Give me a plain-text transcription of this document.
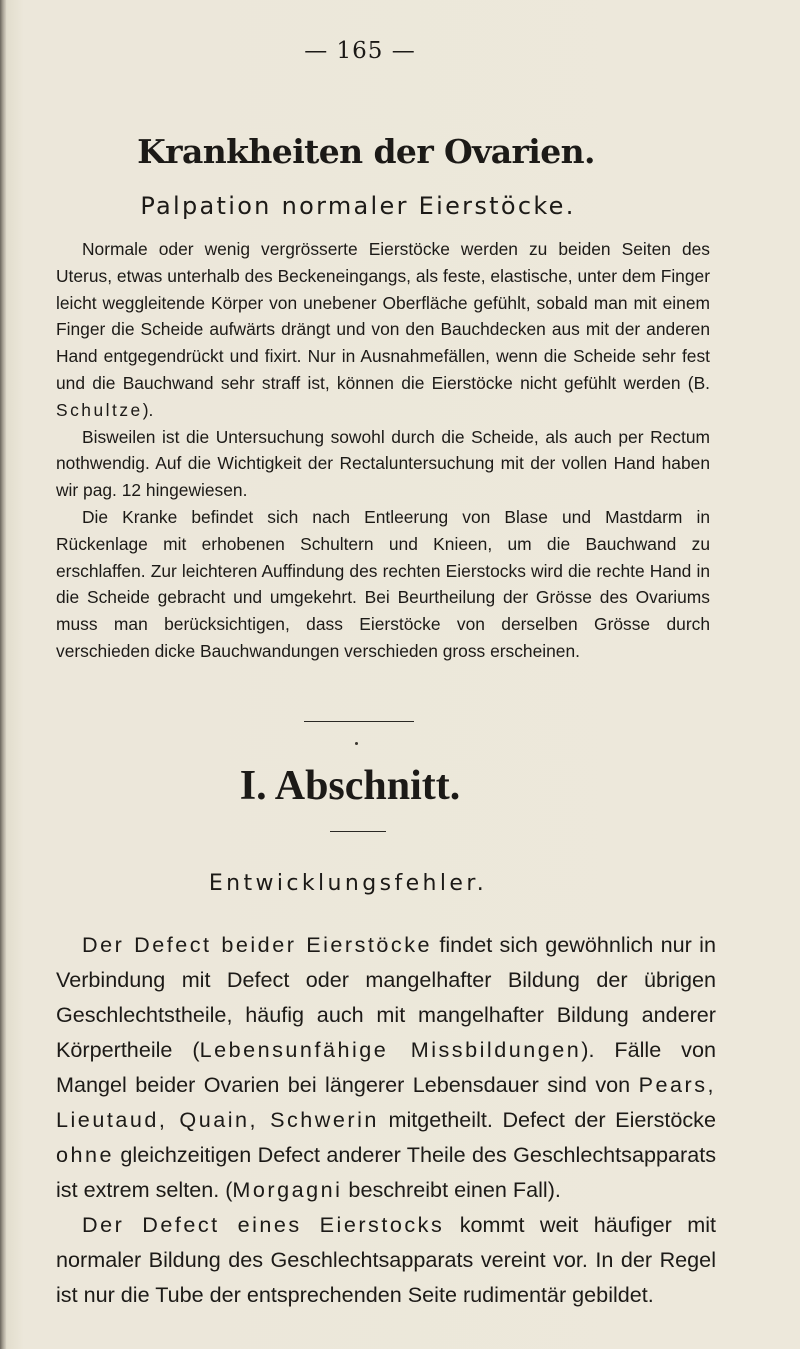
— 165 —
Krankheiten der Ovarien.
Palpation normaler Eierstöcke.

Normale oder wenig vergrösserte Eierstöcke werden zu beiden Seiten des Uterus, etwas unterhalb des Beckeneingangs, als feste, elastische, unter dem Finger leicht weggleitende Körper von unebener Oberfläche gefühlt, sobald man mit einem Finger die Scheide aufwärts drängt und von den Bauchdecken aus mit der anderen Hand entgegendrückt und fixirt. Nur in Ausnahmefällen, wenn die Scheide sehr fest und die Bauchwand sehr straff ist, können die Eierstöcke nicht gefühlt werden (B. Schultze).

Bisweilen ist die Untersuchung sowohl durch die Scheide, als auch per Rectum nothwendig. Auf die Wichtigkeit der Rectaluntersuchung mit der vollen Hand haben wir pag. 12 hingewiesen.

Die Kranke befindet sich nach Entleerung von Blase und Mastdarm in Rückenlage mit erhobenen Schultern und Knieen, um die Bauchwand zu erschlaffen. Zur leichteren Auffindung des rechten Eierstocks wird die rechte Hand in die Scheide gebracht und umgekehrt. Bei Beurtheilung der Grösse des Ovariums muss man berücksichtigen, dass Eierstöcke von derselben Grösse durch verschieden dicke Bauchwandungen verschieden gross erscheinen.

I. Abschnitt.
Entwicklungsfehler.

Der Defect beider Eierstöcke findet sich gewöhnlich nur in Verbindung mit Defect oder mangelhafter Bildung der übrigen Geschlechtstheile, häufig auch mit mangelhafter Bildung anderer Körpertheile (Lebensunfähige Missbildungen). Fälle von Mangel beider Ovarien bei längerer Lebensdauer sind von Pears, Lieutaud, Quain, Schwerin mitgetheilt. Defect der Eierstöcke ohne gleichzeitigen Defect anderer Theile des Geschlechtsapparats ist extrem selten. (Morgagni beschreibt einen Fall).

Der Defect eines Eierstocks kommt weit häufiger mit normaler Bildung des Geschlechtsapparats vereint vor. In der Regel ist nur die Tube der entsprechenden Seite rudimentär gebildet.
